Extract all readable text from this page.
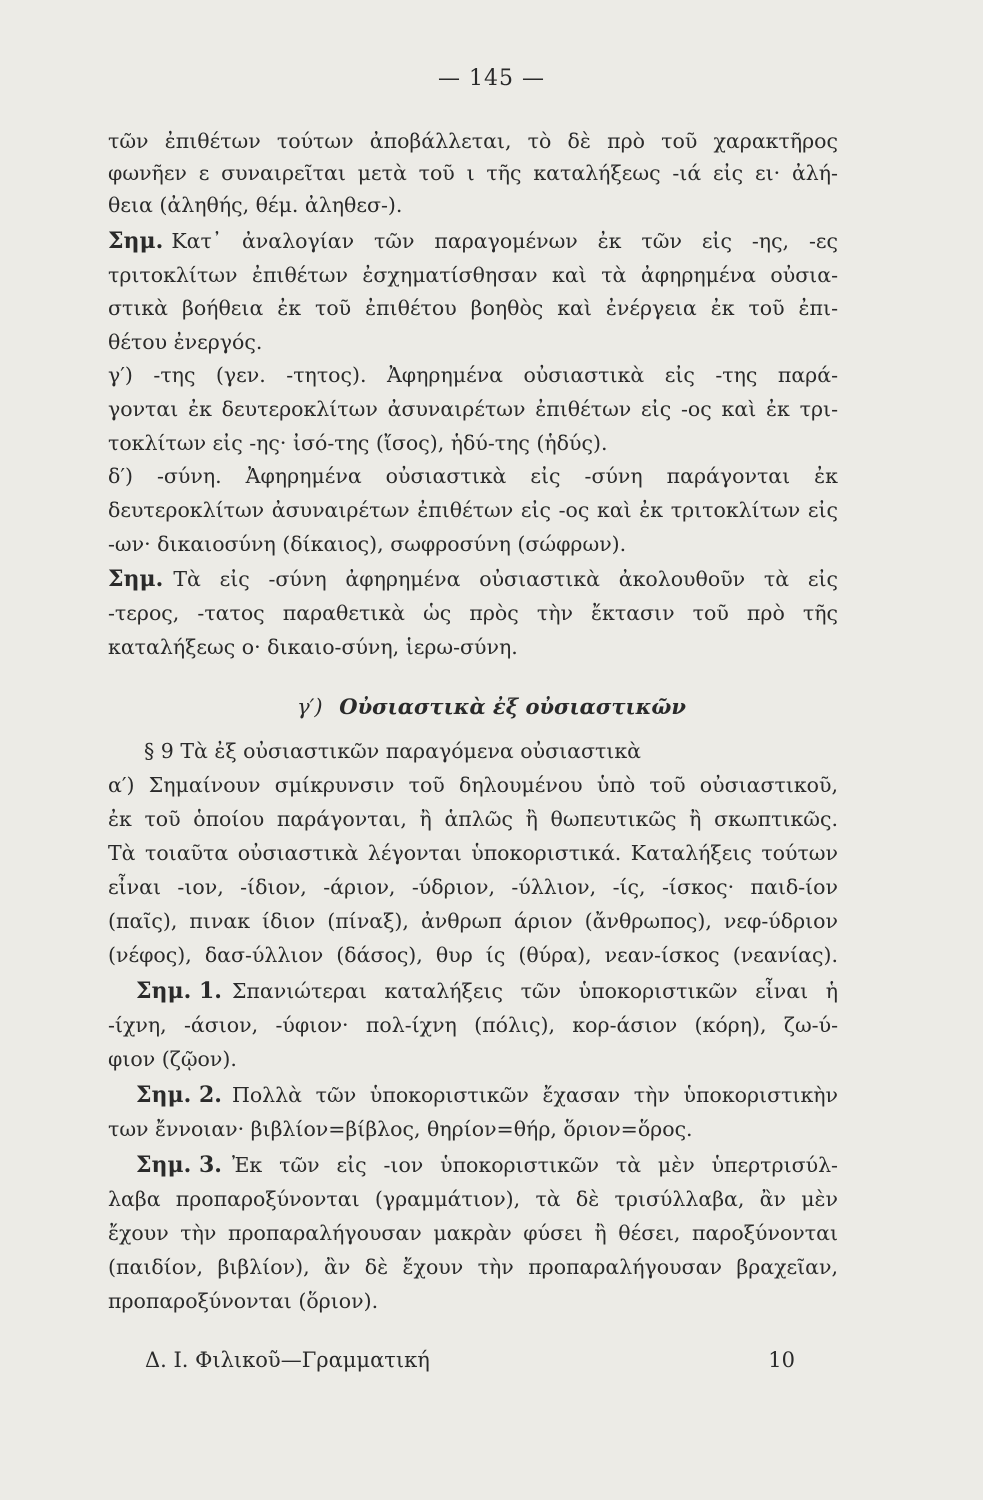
— 145 —
τῶν ἐπιθέτων τούτων ἀποβάλλεται, τὸ δὲ πρὸ τοῦ χαρακτῆρος
φωνῆεν ε συναιρεῖται μετὰ τοῦ ι τῆς καταλήξεως -ιά εἰς ει· ἀλή-
θεια (ἀληθής, θέμ. ἀληθεσ-).
Σημ. Κατ᾽ ἀναλογίαν τῶν παραγομένων ἐκ τῶν εἰς -ης, -ες
τριτοκλίτων ἐπιθέτων ἐσχηματίσθησαν καὶ τὰ ἀφηρημένα οὐσια-
στικὰ βοήθεια ἐκ τοῦ ἐπιθέτου βοηθὸς καὶ ἐνέργεια ἐκ τοῦ ἐπι-
θέτου ἐνεργός.
γ′) -της (γεν. -τητος). Ἀφηρημένα οὐσιαστικὰ εἰς -της παρά-
γονται ἐκ δευτεροκλίτων ἀσυναιρέτων ἐπιθέτων εἰς -ος καὶ ἐκ τρι-
τοκλίτων εἰς -ης· ἰσό-της (ἴσος), ἡδύ-της (ἡδύς).
δ′) -σύνη. Ἀφηρημένα οὐσιαστικὰ εἰς -σύνη παράγονται ἐκ
δευτεροκλίτων ἀσυναιρέτων ἐπιθέτων εἰς -ος καὶ ἐκ τριτοκλίτων εἰς
-ων· δικαιοσύνη (δίκαιος), σωφροσύνη (σώφρων).
Σημ. Τὰ εἰς -σύνη ἀφηρημένα οὐσιαστικὰ ἀκολουθοῦν τὰ εἰς
-τερος, -τατος παραθετικὰ ὡς πρὸς τὴν ἔκτασιν τοῦ πρὸ τῆς
καταλήξεως ο· δικαιο-σύνη, ἱερω-σύνη.
γ′) Οὐσιαστικὰ ἐξ οὐσιαστικῶν
§ 9 Τὰ ἐξ οὐσιαστικῶν παραγόμενα οὐσιαστικὰ
α′) Σημαίνουν σμίκρυνσιν τοῦ δηλουμένου ὑπὸ τοῦ οὐσιαστικοῦ,
ἐκ τοῦ ὁποίου παράγονται, ἢ ἁπλῶς ἢ θωπευτικῶς ἢ σκωπτικῶς.
Τὰ τοιαῦτα οὐσιαστικὰ λέγονται ὑποκοριστικά. Καταλήξεις τούτων
εἶναι -ιον, -ίδιον, -άριον, -ύδριον, -ύλλιον, -ίς, -ίσκος· παιδ-ίον
(παῖς), πινακ ίδιον (πίναξ), ἀνθρωπ άριον (ἄνθρωπος), νεφ-ύδριον
(νέφος), δασ-ύλλιον (δάσος), θυρ ίς (θύρα), νεαν-ίσκος (νεανίας).
Σημ. 1. Σπανιώτεραι καταλήξεις τῶν ὑποκοριστικῶν εἶναι ἡ
-ίχνη, -άσιον, -ύφιον· πολ-ίχνη (πόλις), κορ-άσιον (κόρη), ζω-ύ-
φιον (ζῷον).
Σημ. 2. Πολλὰ τῶν ὑποκοριστικῶν ἔχασαν τὴν ὑποκοριστικὴν
των ἔννοιαν· βιβλίον=βίβλος, θηρίον=θήρ, ὅριον=ὅρος.
Σημ. 3. Ἐκ τῶν εἰς -ιον ὑποκοριστικῶν τὰ μὲν ὑπερτρισύλ-
λαβα προπαροξύνονται (γραμμάτιον), τὰ δὲ τρισύλλαβα, ἂν μὲν
ἔχουν τὴν προπαραλήγουσαν μακρὰν φύσει ἢ θέσει, παροξύνονται
(παιδίον, βιβλίον), ἂν δὲ ἔχουν τὴν προπαραλήγουσαν βραχεῖαν,
προπαροξύνονται (ὅριον).
Δ. Ι. Φιλικοῦ—Γραμματική	10
